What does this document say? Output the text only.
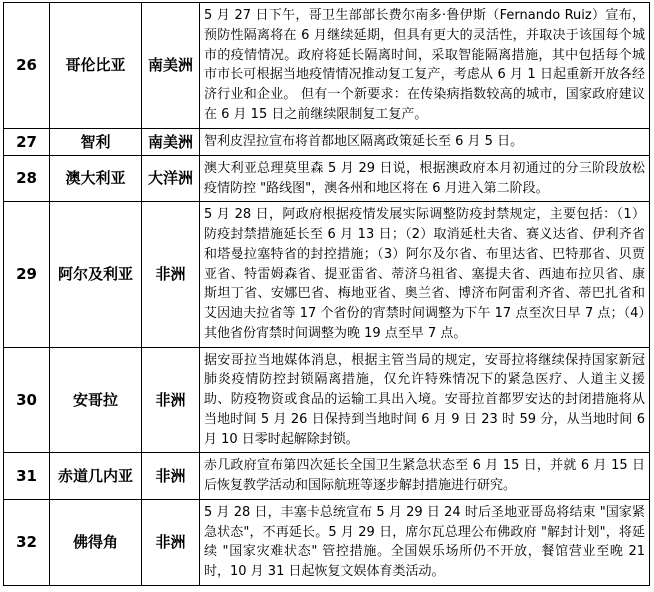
26	哥伦比亚	南美洲	5 月 27 日下午，哥卫生部部长费尔南多·鲁伊斯（Fernando Ruiz）宣布，预防性隔离将在 6 月继续延期，但具有更大的灵活性，并取决于该国每个城市的疫情情况。政府将延长隔离时间，采取智能隔离措施，其中包括每个城市市长可根据当地疫情情况推动复工复产，考虑从 6 月 1 日起重新开放各经济行业和企业。 但有一个新要求：在传染病指数较高的城市，国家政府建议在 6 月 15 日之前继续限制复工复产。
27	智利	南美洲	智利皮涅拉宣布将首都地区隔离政策延长至 6 月 5 日。
28	澳大利亚	大洋洲	澳大利亚总理莫里森 5 月 29 日说，根据澳政府本月初通过的分三阶段放松疫情防控 "路线图"，澳各州和地区将在 6 月进入第二阶段。
29	阿尔及利亚	非洲	5 月 28 日，阿政府根据疫情发展实际调整防疫封禁规定，主要包括：（1）防疫封禁措施延长至 6 月 13 日；（2）取消延杜夫省、赛义达省、伊利齐省和塔曼拉塞特省的封控措施；（3）阿尔及尔省、布里达省、巴特那省、贝贾亚省、特雷姆森省、提亚雷省、蒂济乌祖省、塞提夫省、西迪布拉贝省、康斯坦丁省、安娜巴省、梅地亚省、奥兰省、博济布阿雷利齐省、蒂巴扎省和艾因迪夫拉省等 17 个省份的宵禁时间调整为下午 17 点至次日早 7 点；（4）其他省份宵禁时间调整为晚 19 点至早 7 点。
30	安哥拉	非洲	据安哥拉当地媒体消息，根据主管当局的规定，安哥拉将继续保持国家新冠肺炎疫情防控封锁隔离措施，仅允许特殊情况下的紧急医疗、人道主义援助、防疫物资或食品的运输工具出入境。安哥拉首都罗安达的封闭措施将从当地时间 5 月 26 日保持到当地时间 6 月 9 日 23 时 59 分，从当地时间 6 月 10 日零时起解除封锁。
31	赤道几内亚	非洲	赤几政府宣布第四次延长全国卫生紧急状态至 6 月 15 日，并就 6 月 15 日后恢复教学活动和国际航班等逐步解封措施进行研究。
32	佛得角	非洲	5 月 28 日，丰塞卡总统宣布 5 月 29 日 24 时后圣地亚哥岛将结束 "国家紧急状态"，不再延长。5 月 29 日，席尔瓦总理公布佛政府 "解封计划"，将延续 "国家灾难状态" 管控措施。全国娱乐场所仍不开放，餐馆营业至晚 21 时，10 月 31 日起恢复文娱体育类活动。
